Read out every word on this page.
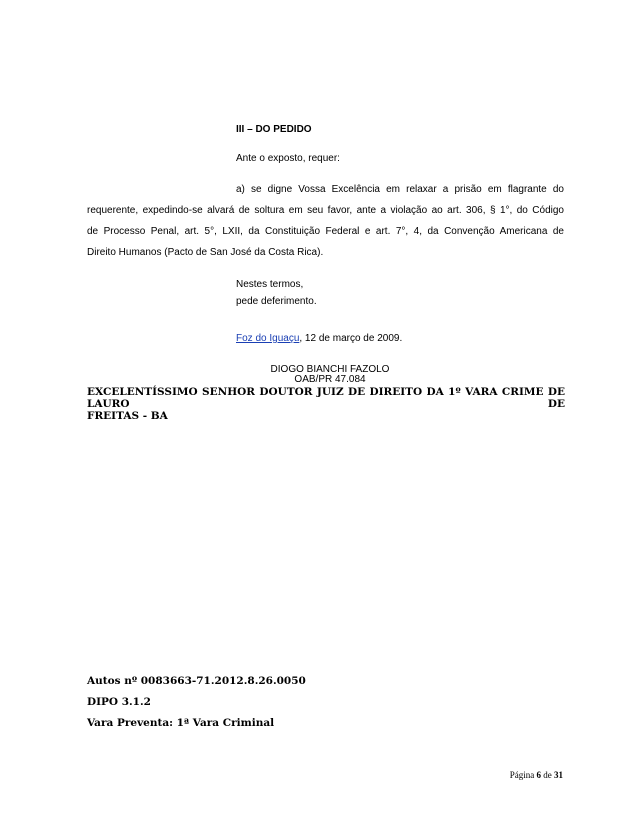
III – DO PEDIDO
Ante o exposto, requer:
a) se digne Vossa Excelência em relaxar a prisão em flagrante do
requerente, expedindo-se alvará de soltura em seu favor, ante a violação ao art. 306, § 1°, do Código
de Processo Penal, art. 5°, LXII, da Constituição Federal e art. 7°, 4, da Convenção Americana de
Direito Humanos (Pacto de San José da Costa Rica).
Nestes termos,
pede deferimento.
Foz do Iguaçu, 12 de março de 2009.
DIOGO BIANCHI FAZOLO
OAB/PR 47.084
EXCELENTÍSSIMO SENHOR DOUTOR JUIZ DE DIREITO DA 1º VARA CRIME DE LAURO DE
FREITAS - BA
Autos nº 0083663-71.2012.8.26.0050
DIPO 3.1.2
Vara Preventa: 1ª Vara Criminal
Página 6 de 31
